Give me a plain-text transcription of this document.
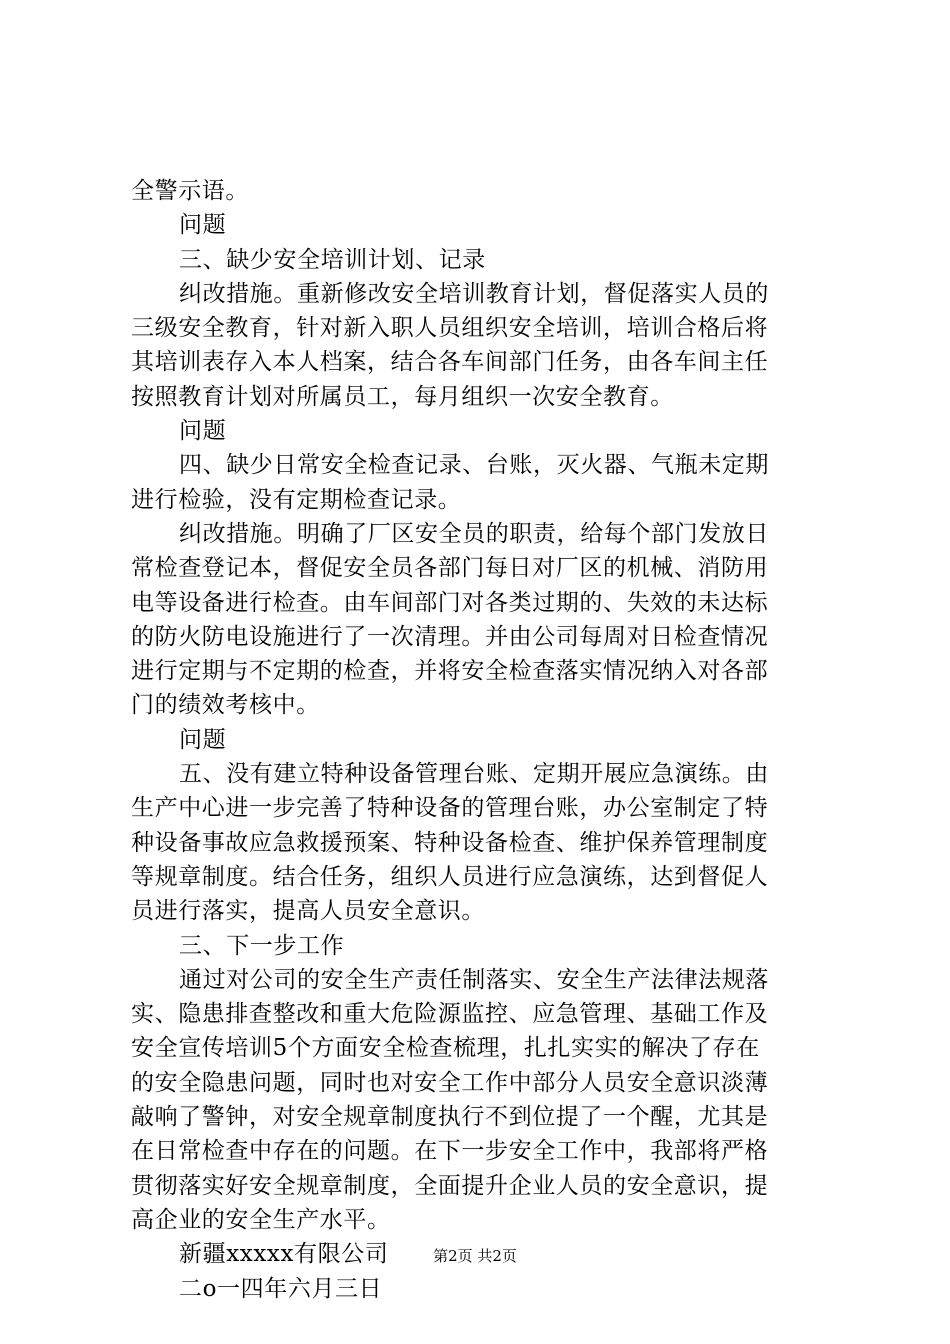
全警示语。
问题
三、缺少安全培训计划、记录
纠改措施。重新修改安全培训教育计划，督促落实人员的
三级安全教育，针对新入职人员组织安全培训，培训合格后将
其培训表存入本人档案，结合各车间部门任务，由各车间主任
按照教育计划对所属员工，每月组织一次安全教育。
问题
四、缺少日常安全检查记录、台账，灭火器、气瓶未定期
进行检验，没有定期检查记录。
纠改措施。明确了厂区安全员的职责，给每个部门发放日
常检查登记本，督促安全员各部门每日对厂区的机械、消防用
电等设备进行检查。由车间部门对各类过期的、失效的未达标
的防火防电设施进行了一次清理。并由公司每周对日检查情况
进行定期与不定期的检查，并将安全检查落实情况纳入对各部
门的绩效考核中。
问题
五、没有建立特种设备管理台账、定期开展应急演练。由
生产中心进一步完善了特种设备的管理台账，办公室制定了特
种设备事故应急救援预案、特种设备检查、维护保养管理制度
等规章制度。结合任务，组织人员进行应急演练，达到督促人
员进行落实，提高人员安全意识。
三、下一步工作
通过对公司的安全生产责任制落实、安全生产法律法规落
实、隐患排查整改和重大危险源监控、应急管理、基础工作及
安全宣传培训5个方面安全检查梳理，扎扎实实的解决了存在
的安全隐患问题，同时也对安全工作中部分人员安全意识淡薄
敲响了警钟，对安全规章制度执行不到位提了一个醒，尤其是
在日常检查中存在的问题。在下一步安全工作中，我部将严格
贯彻落实好安全规章制度，全面提升企业人员的安全意识，提
高企业的安全生产水平。
新疆xxxxx有限公司
二o一四年六月三日
第2页 共2页
